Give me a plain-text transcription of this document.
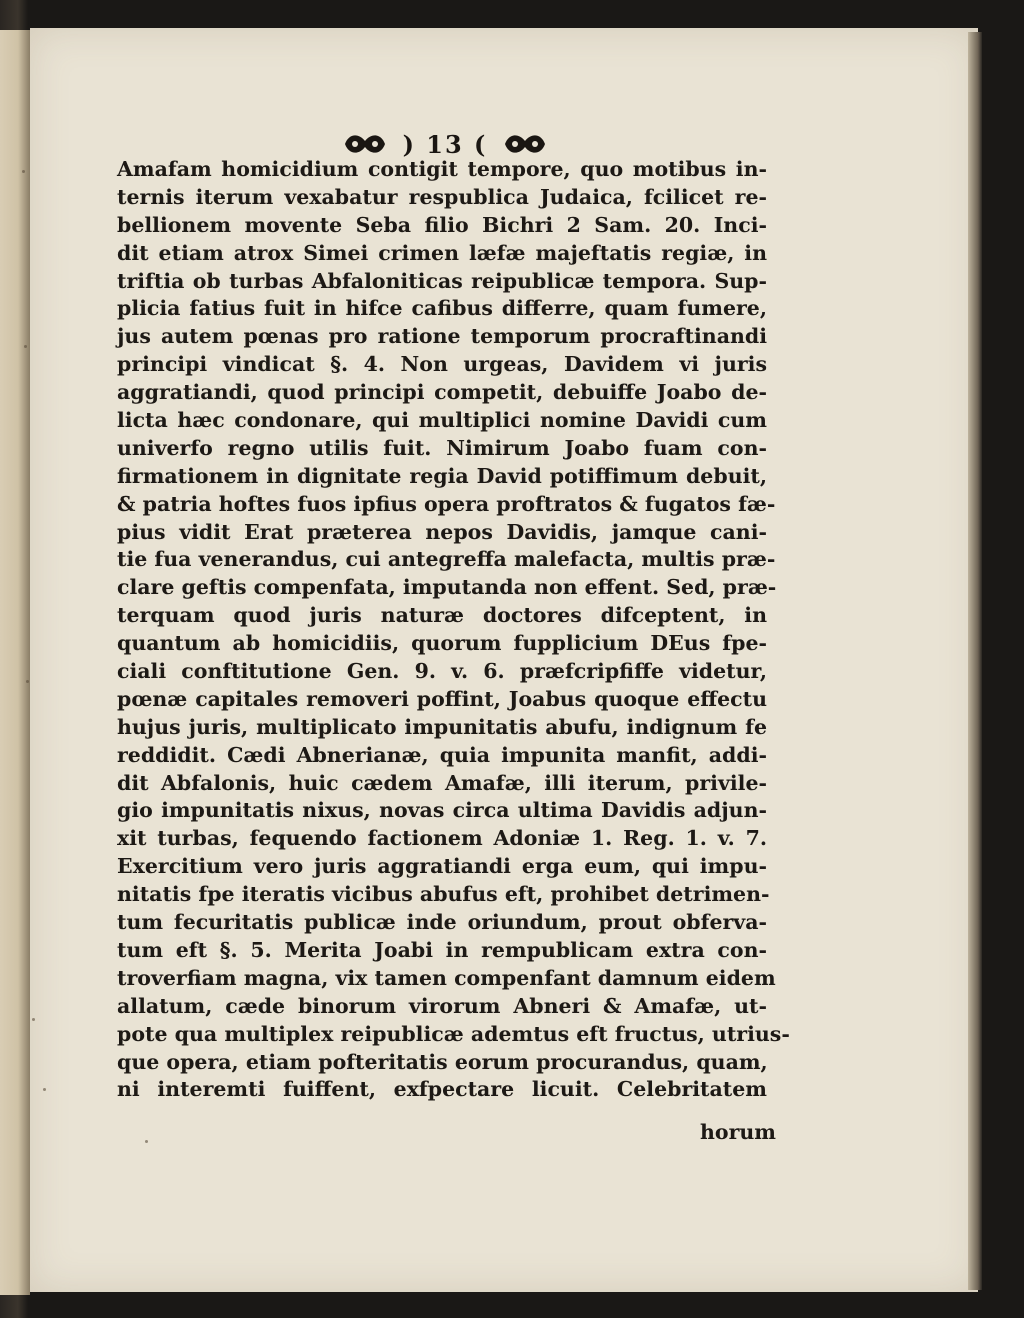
) 13 (
Amafam homicidium contigit tempore, quo motibus in-
ternis iterum vexabatur respublica Judaica, fcilicet re-
bellionem movente Seba filio Bichri 2 Sam. 20. Inci-
dit etiam atrox Simei crimen læfæ majeftatis regiæ, in
triftia ob turbas Abfaloniticas reipublicæ tempora. Sup-
plicia fatius fuit in hifce cafibus differre, quam fumere,
jus autem pœnas pro ratione temporum procraftinandi
principi vindicat §. 4. Non urgeas, Davidem vi juris
aggratiandi, quod principi competit, debuiffe Joabo de-
licta hæc condonare, qui multiplici nomine Davidi cum
univerfo regno utilis fuit. Nimirum Joabo fuam con-
firmationem in dignitate regia David potiffimum debuit,
& patria hoftes fuos ipfius opera proftratos & fugatos fæ-
pius vidit Erat præterea nepos Davidis, jamque cani-
tie fua venerandus, cui antegreffa malefacta, multis præ-
clare geftis compenfata, imputanda non effent. Sed, præ-
terquam quod juris naturæ doctores difceptent, in
quantum ab homicidiis, quorum fupplicium DEus fpe-
ciali conftitutione Gen. 9. v. 6. præfcripfiffe videtur,
pœnæ capitales removeri poffint, Joabus quoque effectu
hujus juris, multiplicato impunitatis abufu, indignum fe
reddidit. Cædi Abnerianæ, quia impunita manfit, addi-
dit Abfalonis, huic cædem Amafæ, illi iterum, privile-
gio impunitatis nixus, novas circa ultima Davidis adjun-
xit turbas, fequendo factionem Adoniæ 1. Reg. 1. v. 7.
Exercitium vero juris aggratiandi erga eum, qui impu-
nitatis fpe iteratis vicibus abufus eft, prohibet detrimen-
tum fecuritatis publicæ inde oriundum, prout obferva-
tum eft §. 5. Merita Joabi in rempublicam extra con-
troverfiam magna, vix tamen compenfant damnum eidem
allatum, cæde binorum virorum Abneri & Amafæ, ut-
pote qua multiplex reipublicæ ademtus eft fructus, utrius-
que opera, etiam pofteritatis eorum procurandus, quam,
ni interemti fuiffent, exfpectare licuit. Celebritatem
horum
